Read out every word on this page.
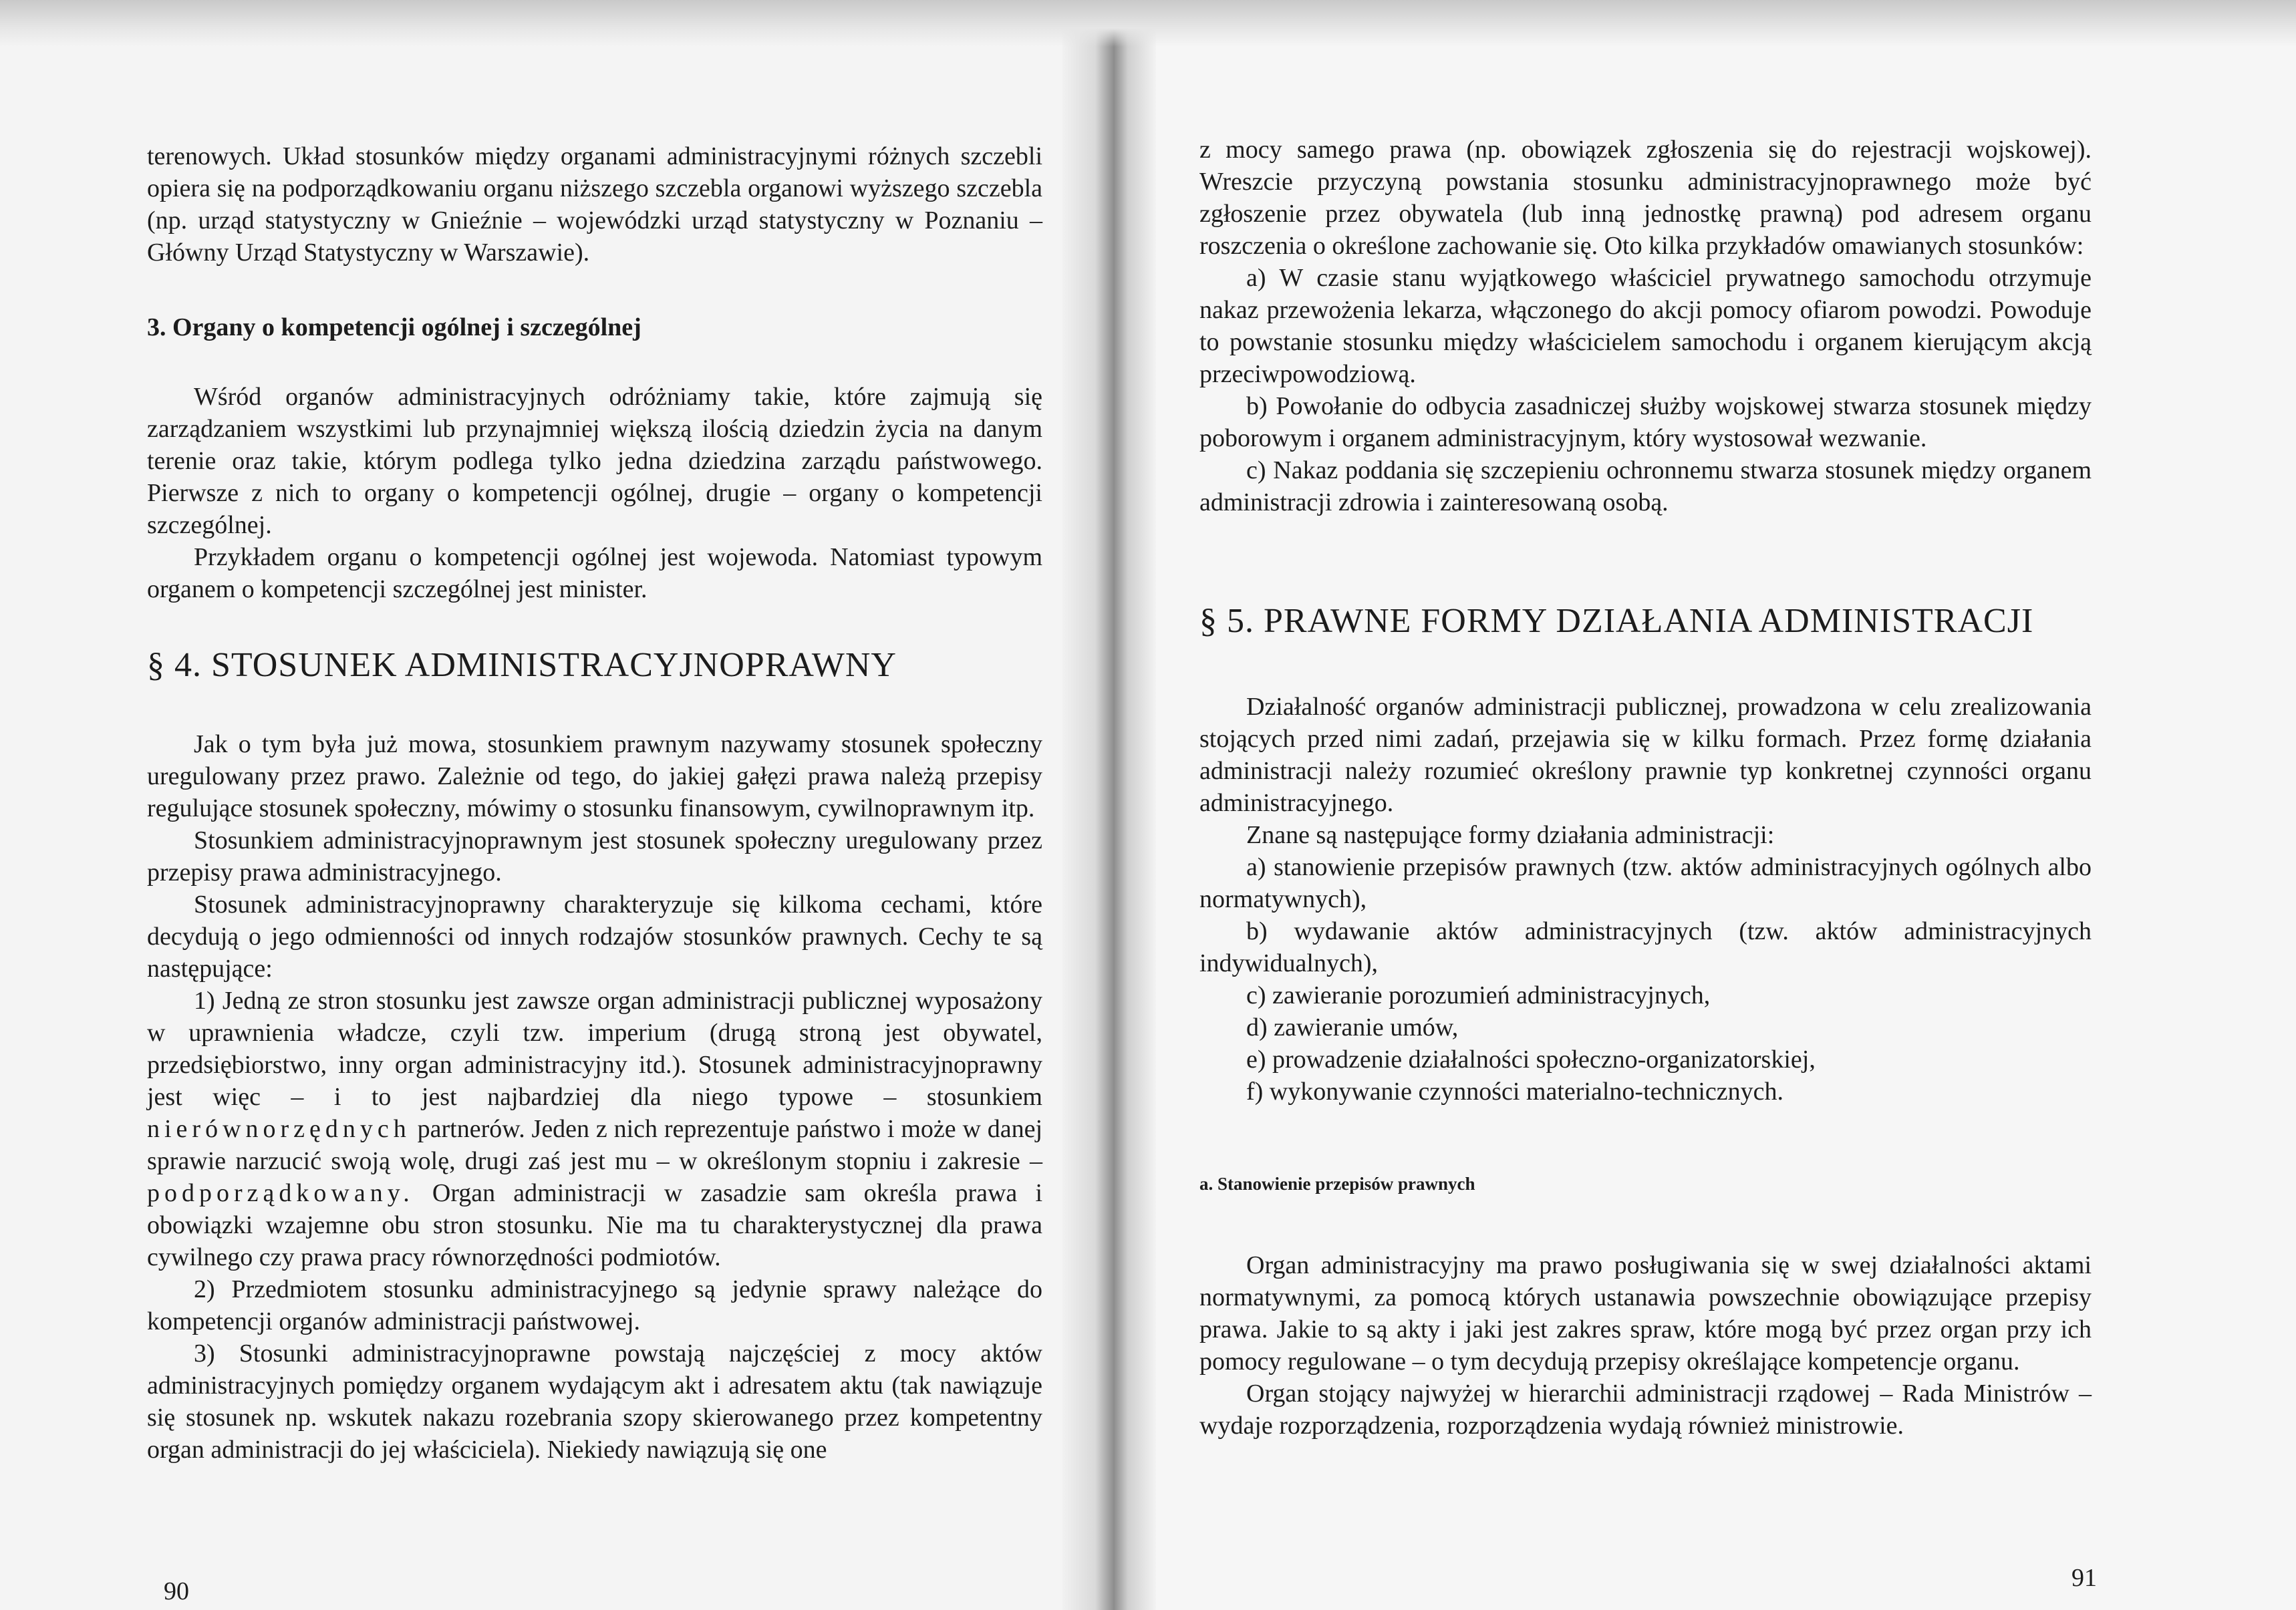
terenowych. Układ stosunków między organami administracyjnymi różnych szczebli opiera się na podporządkowaniu organu niższego szczebla organowi wyższego szczebla (np. urząd statystyczny w Gnieźnie – wojewódzki urząd statystyczny w Poznaniu – Główny Urząd Statystyczny w Warszawie).

3. Organy o kompetencji ogólnej i szczególnej

Wśród organów administracyjnych odróżniamy takie, które zajmują się zarządzaniem wszystkimi lub przynajmniej większą ilością dziedzin życia na danym terenie oraz takie, którym podlega tylko jedna dziedzina zarządu państwowego. Pierwsze z nich to organy o kompetencji ogólnej, drugie – organy o kompetencji szczególnej.

Przykładem organu o kompetencji ogólnej jest wojewoda. Natomiast typowym organem o kompetencji szczególnej jest minister.

§ 4. STOSUNEK ADMINISTRACYJNOPRAWNY

Jak o tym była już mowa, stosunkiem prawnym nazywamy stosunek społeczny uregulowany przez prawo. Zależnie od tego, do jakiej gałęzi prawa należą przepisy regulujące stosunek społeczny, mówimy o stosunku finansowym, cywilnoprawnym itp.

Stosunkiem administracyjnoprawnym jest stosunek społeczny uregulowany przez przepisy prawa administracyjnego.

Stosunek administracyjnoprawny charakteryzuje się kilkoma cechami, które decydują o jego odmienności od innych rodzajów stosunków prawnych. Cechy te są następujące:

1) Jedną ze stron stosunku jest zawsze organ administracji publicznej wyposażony w uprawnienia władcze, czyli tzw. imperium (drugą stroną jest obywatel, przedsiębiorstwo, inny organ administracyjny itd.). Stosunek administracyjnoprawny jest więc – i to jest najbardziej dla niego typowe – stosunkiem nierównorzędnych partnerów. Jeden z nich reprezentuje państwo i może w danej sprawie narzucić swoją wolę, drugi zaś jest mu – w określonym stopniu i zakresie – podporządkowany. Organ administracji w zasadzie sam określa prawa i obowiązki wzajemne obu stron stosunku. Nie ma tu charakterystycznej dla prawa cywilnego czy prawa pracy równorzędności podmiotów.

2) Przedmiotem stosunku administracyjnego są jedynie sprawy należące do kompetencji organów administracji państwowej.

3) Stosunki administracyjnoprawne powstają najczęściej z mocy aktów administracyjnych pomiędzy organem wydającym akt i adresatem aktu (tak nawiązuje się stosunek np. wskutek nakazu rozebrania szopy skierowanego przez kompetentny organ administracji do jej właściciela). Niekiedy nawiązują się one

90

z mocy samego prawa (np. obowiązek zgłoszenia się do rejestracji wojskowej). Wreszcie przyczyną powstania stosunku administracyjnoprawnego może być zgłoszenie przez obywatela (lub inną jednostkę prawną) pod adresem organu roszczenia o określone zachowanie się. Oto kilka przykładów omawianych stosunków:

a) W czasie stanu wyjątkowego właściciel prywatnego samochodu otrzymuje nakaz przewożenia lekarza, włączonego do akcji pomocy ofiarom powodzi. Powoduje to powstanie stosunku między właścicielem samochodu i organem kierującym akcją przeciwpowodziową.

b) Powołanie do odbycia zasadniczej służby wojskowej stwarza stosunek między poborowym i organem administracyjnym, który wystosował wezwanie.

c) Nakaz poddania się szczepieniu ochronnemu stwarza stosunek między organem administracji zdrowia i zainteresowaną osobą.

§ 5. PRAWNE FORMY DZIAŁANIA ADMINISTRACJI

Działalność organów administracji publicznej, prowadzona w celu zrealizowania stojących przed nimi zadań, przejawia się w kilku formach. Przez formę działania administracji należy rozumieć określony prawnie typ konkretnej czynności organu administracyjnego.

Znane są następujące formy działania administracji:

a) stanowienie przepisów prawnych (tzw. aktów administracyjnych ogólnych albo normatywnych),

b) wydawanie aktów administracyjnych (tzw. aktów administracyjnych indywidualnych),

c) zawieranie porozumień administracyjnych,

d) zawieranie umów,

e) prowadzenie działalności społeczno-organizatorskiej,

f) wykonywanie czynności materialno-technicznych.

a. Stanowienie przepisów prawnych

Organ administracyjny ma prawo posługiwania się w swej działalności aktami normatywnymi, za pomocą których ustanawia powszechnie obowiązujące przepisy prawa. Jakie to są akty i jaki jest zakres spraw, które mogą być przez organ przy ich pomocy regulowane – o tym decydują przepisy określające kompetencje organu.

Organ stojący najwyżej w hierarchii administracji rządowej – Rada Ministrów – wydaje rozporządzenia, rozporządzenia wydają również ministrowie.

91
